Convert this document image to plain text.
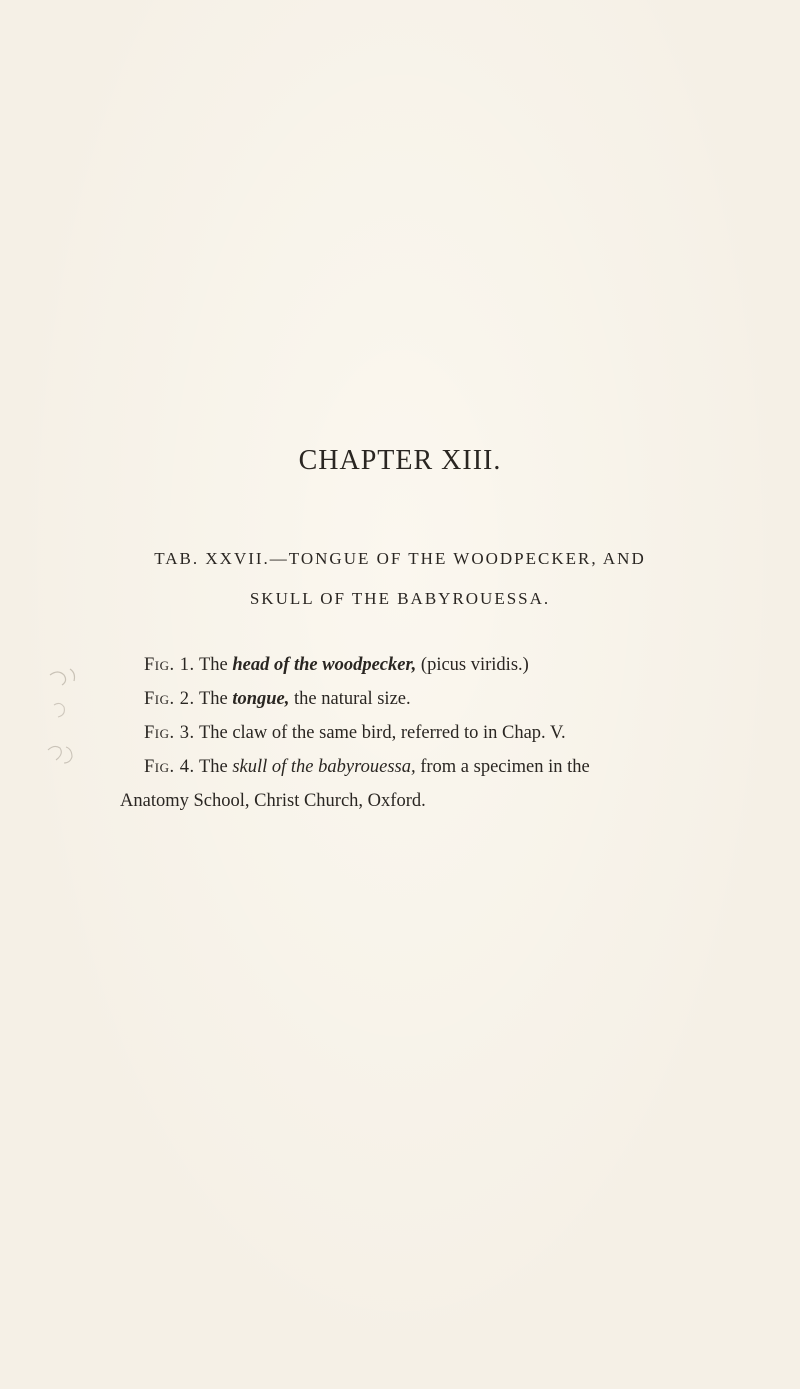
CHAPTER XIII.
TAB. XXVII.—TONGUE OF THE WOODPECKER, AND
SKULL OF THE BABYROUESSA.
Fig. 1. The head of the woodpecker, (picus viridis.)
Fig. 2. The tongue, the natural size.
Fig. 3. The claw of the same bird, referred to in Chap. V.
Fig. 4. The skull of the babyrouessa, from a specimen in the
Anatomy School, Christ Church, Oxford.
